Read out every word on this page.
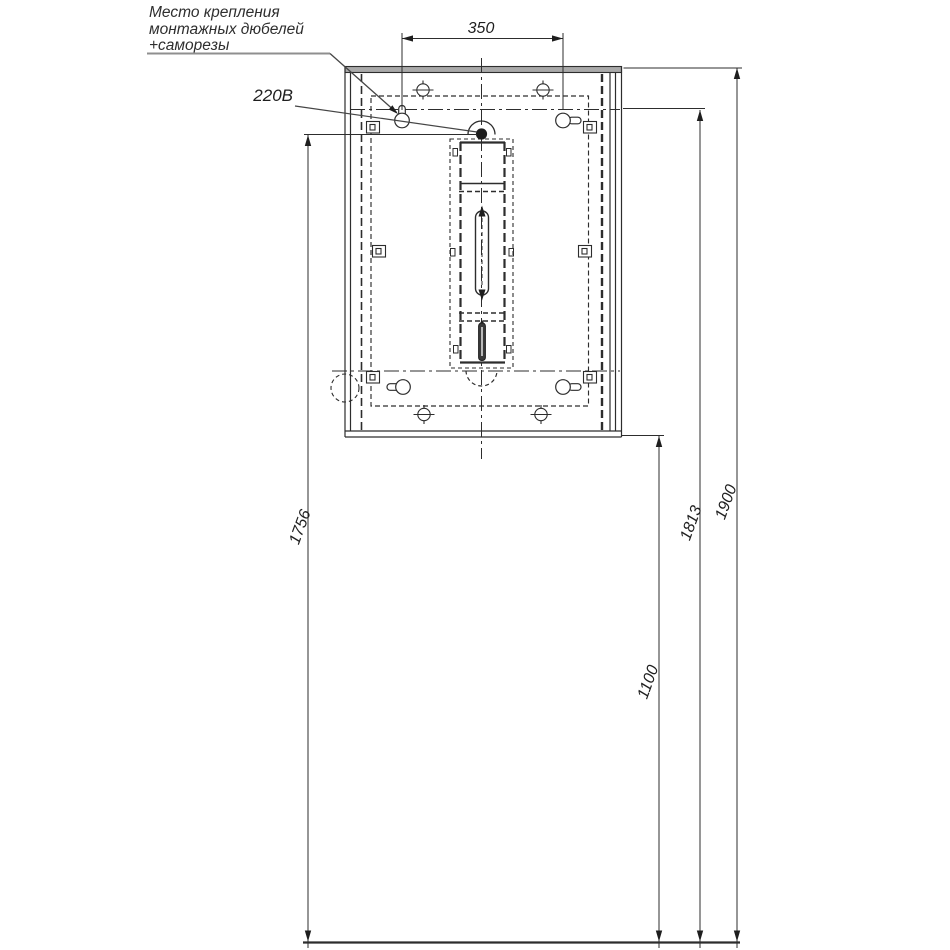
350
1756
1100
1813
1900
Место крепления
монтажных дюбелей
+саморезы
220В
